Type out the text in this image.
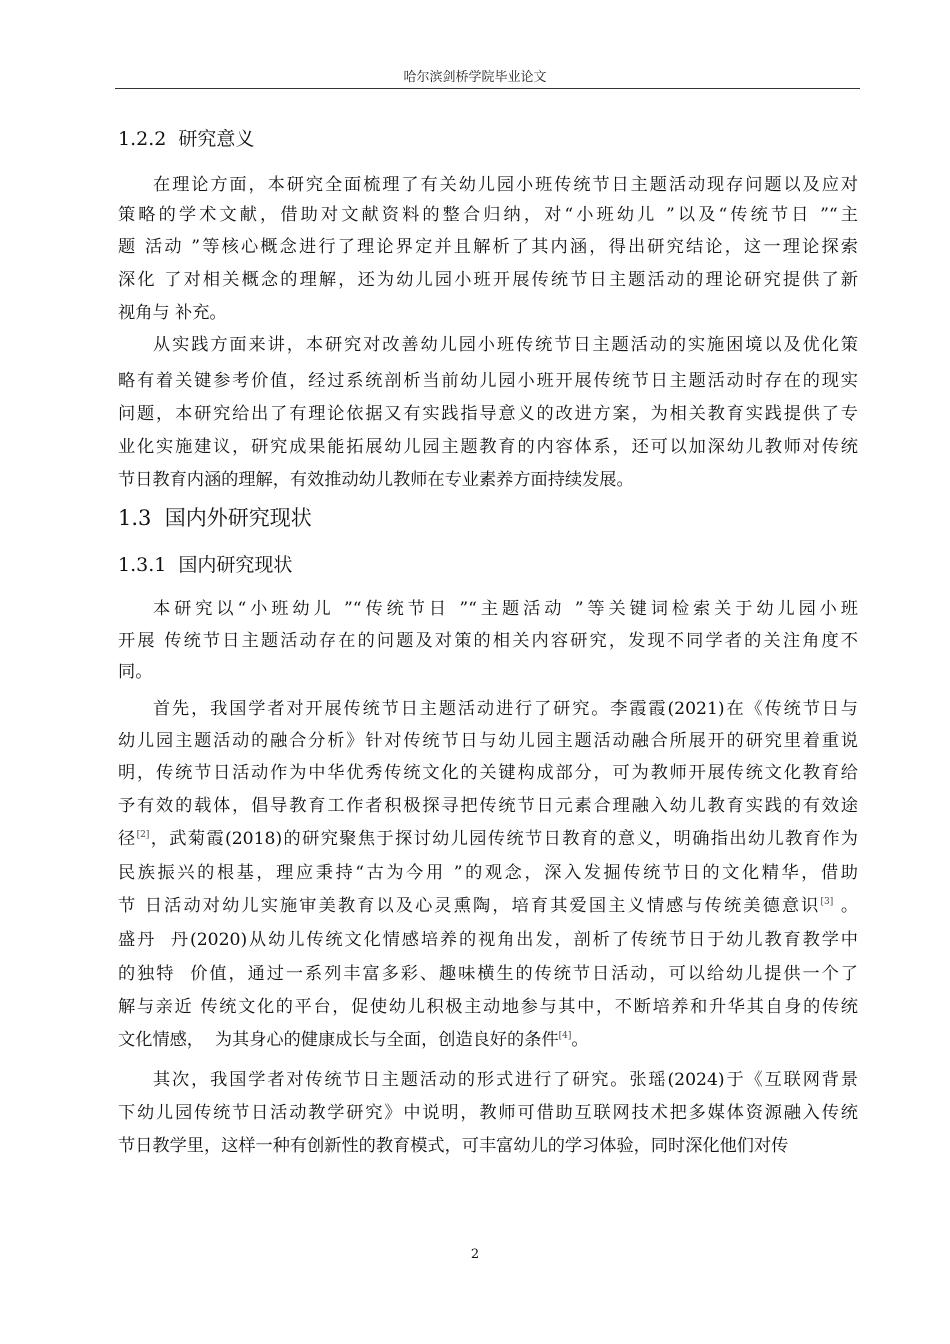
哈尔滨剑桥学院毕业论文
1.2.2  研究意义
在理论方面，本研究全面梳理了有关幼儿园小班传统节日主题活动现存问题以及应对
策略的学术文献，借助对文献资料的整合归纳，对“小班幼儿 ”以及“传统节日 ”“主
题 活动 ”等核心概念进行了理论界定并且解析了其内涵，得出研究结论，这一理论探索
深化 了对相关概念的理解，还为幼儿园小班开展传统节日主题活动的理论研究提供了新
视角与 补充。
从实践方面来讲，本研究对改善幼儿园小班传统节日主题活动的实施困境以及优化策
略有着关键参考价值，经过系统剖析当前幼儿园小班开展传统节日主题活动时存在的现实
问题，本研究给出了有理论依据又有实践指导意义的改进方案，为相关教育实践提供了专
业化实施建议，研究成果能拓展幼儿园主题教育的内容体系，还可以加深幼儿教师对传统
节日教育内涵的理解，有效推动幼儿教师在专业素养方面持续发展。
1.3  国内外研究现状
1.3.1  国内研究现状
本研究以“小班幼儿 ”“传统节日 ”“主题活动 ”等关键词检索关于幼儿园小班
开展 传统节日主题活动存在的问题及对策的相关内容研究，发现不同学者的关注角度不
同。
首先，我国学者对开展传统节日主题活动进行了研究。李霞霞(2021)在《传统节日与
幼儿园主题活动的融合分析》针对传统节日与幼儿园主题活动融合所展开的研究里着重说
明，传统节日活动作为中华优秀传统文化的关键构成部分，可为教师开展传统文化教育给
予有效的载体，倡导教育工作者积极探寻把传统节日元素合理融入幼儿教育实践的有效途
径[2]，武菊霞(2018)的研究聚焦于探讨幼儿园传统节日教育的意义，明确指出幼儿教育作为
民族振兴的根基，理应秉持“古为今用 ”的观念，深入发掘传统节日的文化精华，借助
节 日活动对幼儿实施审美教育以及心灵熏陶，培育其爱国主义情感与传统美德意识[3] 。
盛丹  丹(2020)从幼儿传统文化情感培养的视角出发，剖析了传统节日于幼儿教育教学中
的独特  价值，通过一系列丰富多彩、趣味横生的传统节日活动，可以给幼儿提供一个了
解与亲近 传统文化的平台，促使幼儿积极主动地参与其中，不断培养和升华其自身的传统
文化情感，  为其身心的健康成长与全面，创造良好的条件[4]。
其次，我国学者对传统节日主题活动的形式进行了研究。张瑶(2024)于《互联网背景
下幼儿园传统节日活动教学研究》中说明，教师可借助互联网技术把多媒体资源融入传统
节日教学里，这样一种有创新性的教育模式，可丰富幼儿的学习体验，同时深化他们对传
2
